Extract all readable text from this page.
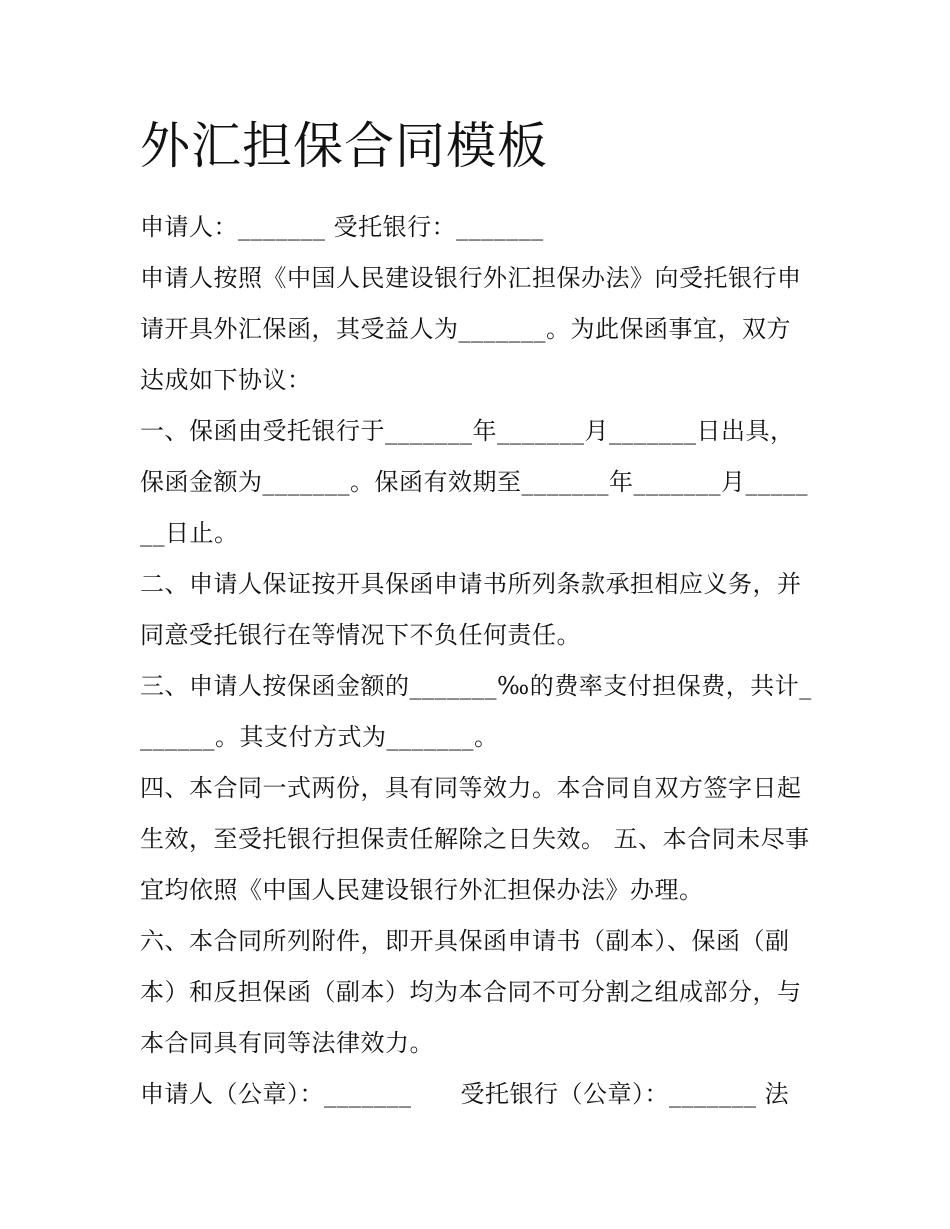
外汇担保合同模板

申请人：_______ 受托银行：_______

申请人按照《中国人民建设银行外汇担保办法》向受托银行申请开具外汇保函，其受益人为_______。为此保函事宜，双方达成如下协议：

一、保函由受托银行于_______年_______月_______日出具，保函金额为_______。保函有效期至_______年_______月_______日止。

二、申请人保证按开具保函申请书所列条款承担相应义务，并同意受托银行在等情况下不负任何责任。

三、申请人按保函金额的_______‰的费率支付担保费，共计_______。其支付方式为_______。

四、本合同一式两份，具有同等效力。本合同自双方签字日起生效，至受托银行担保责任解除之日失效。 五、本合同未尽事宜均依照《中国人民建设银行外汇担保办法》办理。

六、本合同所列附件，即开具保函申请书（副本）、保函（副本）和反担保函（副本）均为本合同不可分割之组成部分，与本合同具有同等法律效力。

申请人（公章）：_______　　受托银行（公章）：_______ 法
